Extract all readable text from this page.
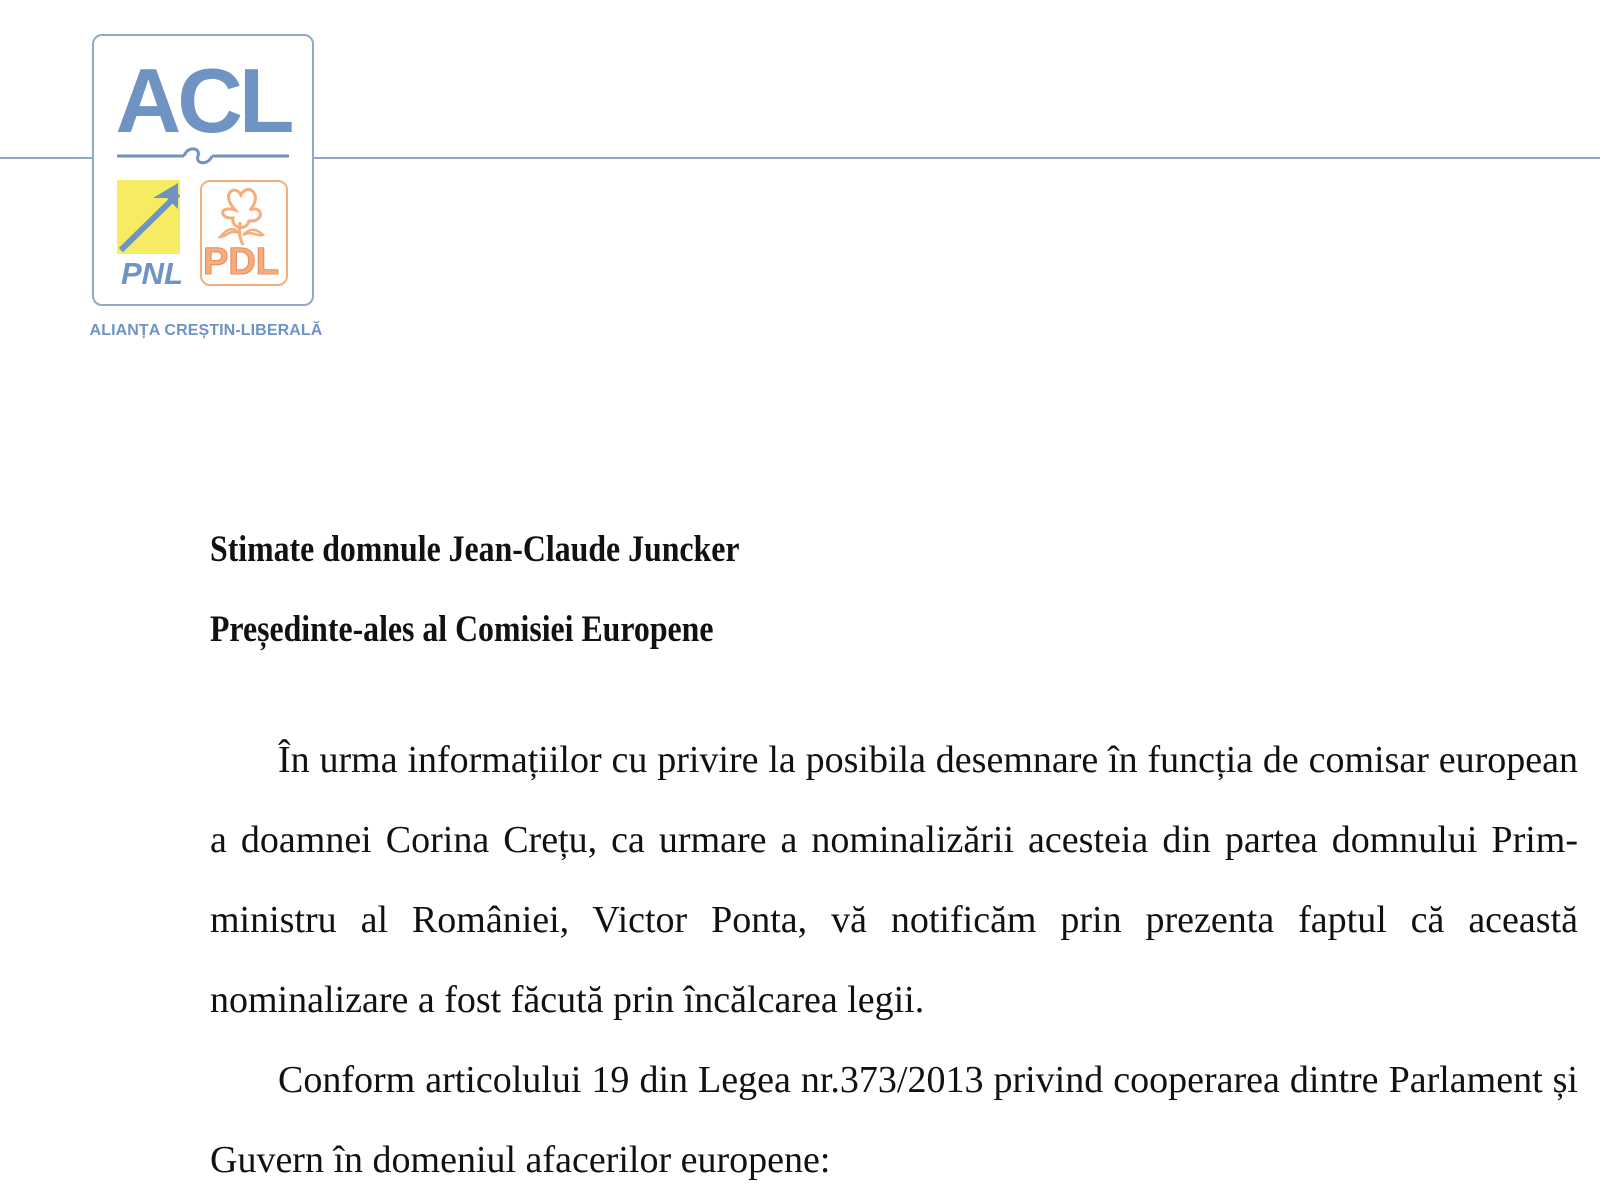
ACL
PNL PDL
ALIANȚA CREȘTIN-LIBERALĂ
Stimate domnule Jean-Claude Juncker
Președinte-ales al Comisiei Europene

În urma informațiilor cu privire la posibila desemnare în funcția de comisar european a doamnei Corina Crețu, ca urmare a nominalizării acesteia din partea domnului Prim-ministru al României, Victor Ponta, vă notificăm prin prezenta faptul că această nominalizare a fost făcută prin încălcarea legii.

Conform articolului 19 din Legea nr.373/2013 privind cooperarea dintre Parlament și Guvern în domeniul afacerilor europene:
